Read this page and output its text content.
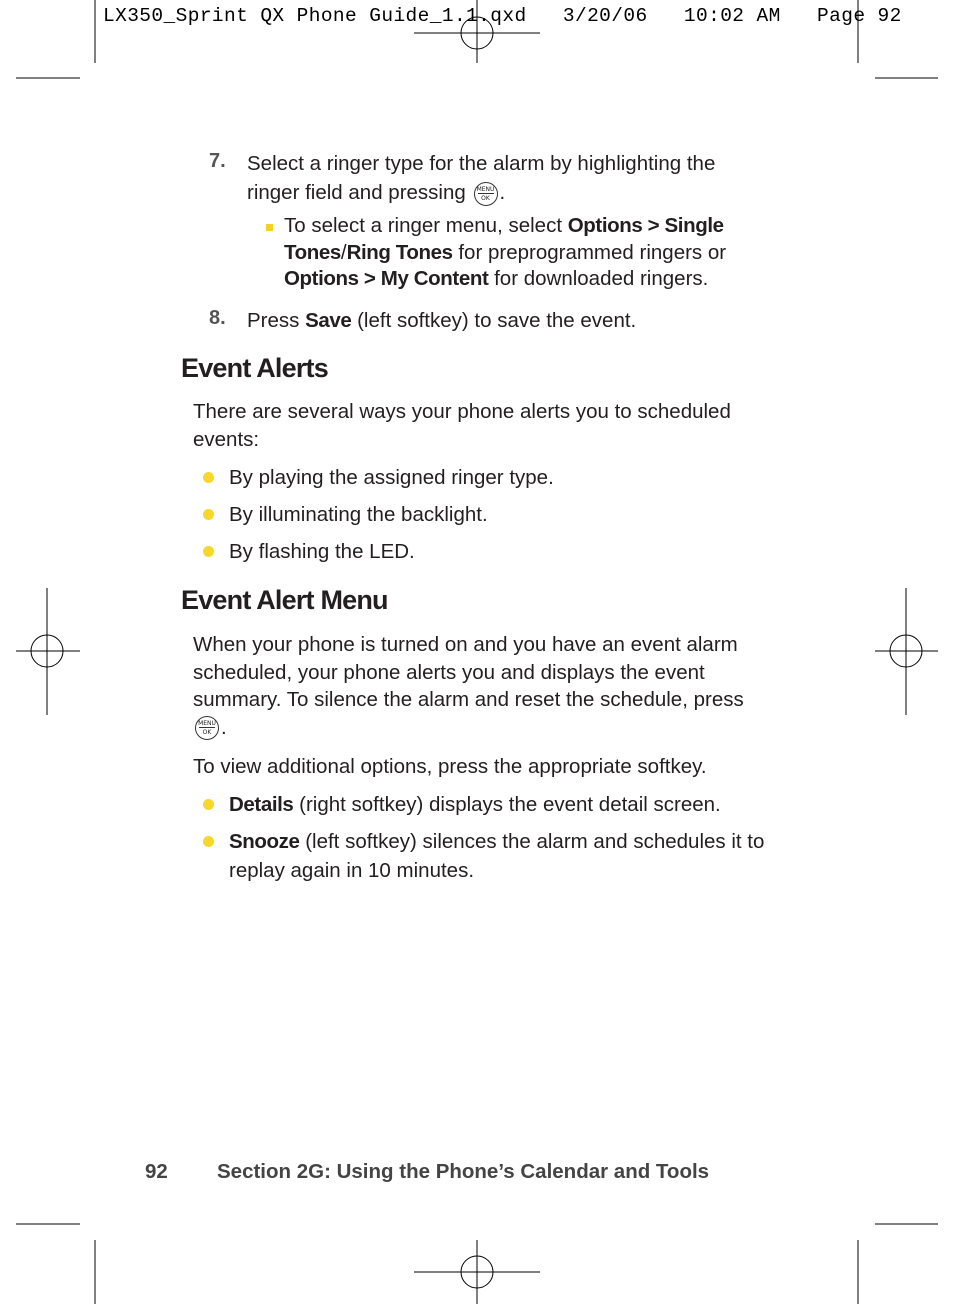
LX350_Sprint QX Phone Guide_1.1.qxd   3/20/06   10:02 AM   Page 92
7. Select a ringer type for the alarm by highlighting the ringer field and pressing	MENU
OK .
To select a ringer menu, select Options > Single Tones/Ring Tones for preprogrammed ringers or Options > My Content for downloaded ringers.
8. Press Save (left softkey) to save the event.
Event Alerts
There are several ways your phone alerts you to scheduled events:
By playing the assigned ringer type.
By illuminating the backlight.
By flashing the LED.
Event Alert Menu
When your phone is turned on and you have an event alarm scheduled, your phone alerts you and displays the event summary. To silence the alarm and reset the schedule, press
MENU
OK .
To view additional options, press the appropriate softkey.
Details (right softkey) displays the event detail screen.
Snooze (left softkey) silences the alarm and schedules it to replay again in 10 minutes.
92 Section 2G: Using the Phone’s Calendar and Tools
